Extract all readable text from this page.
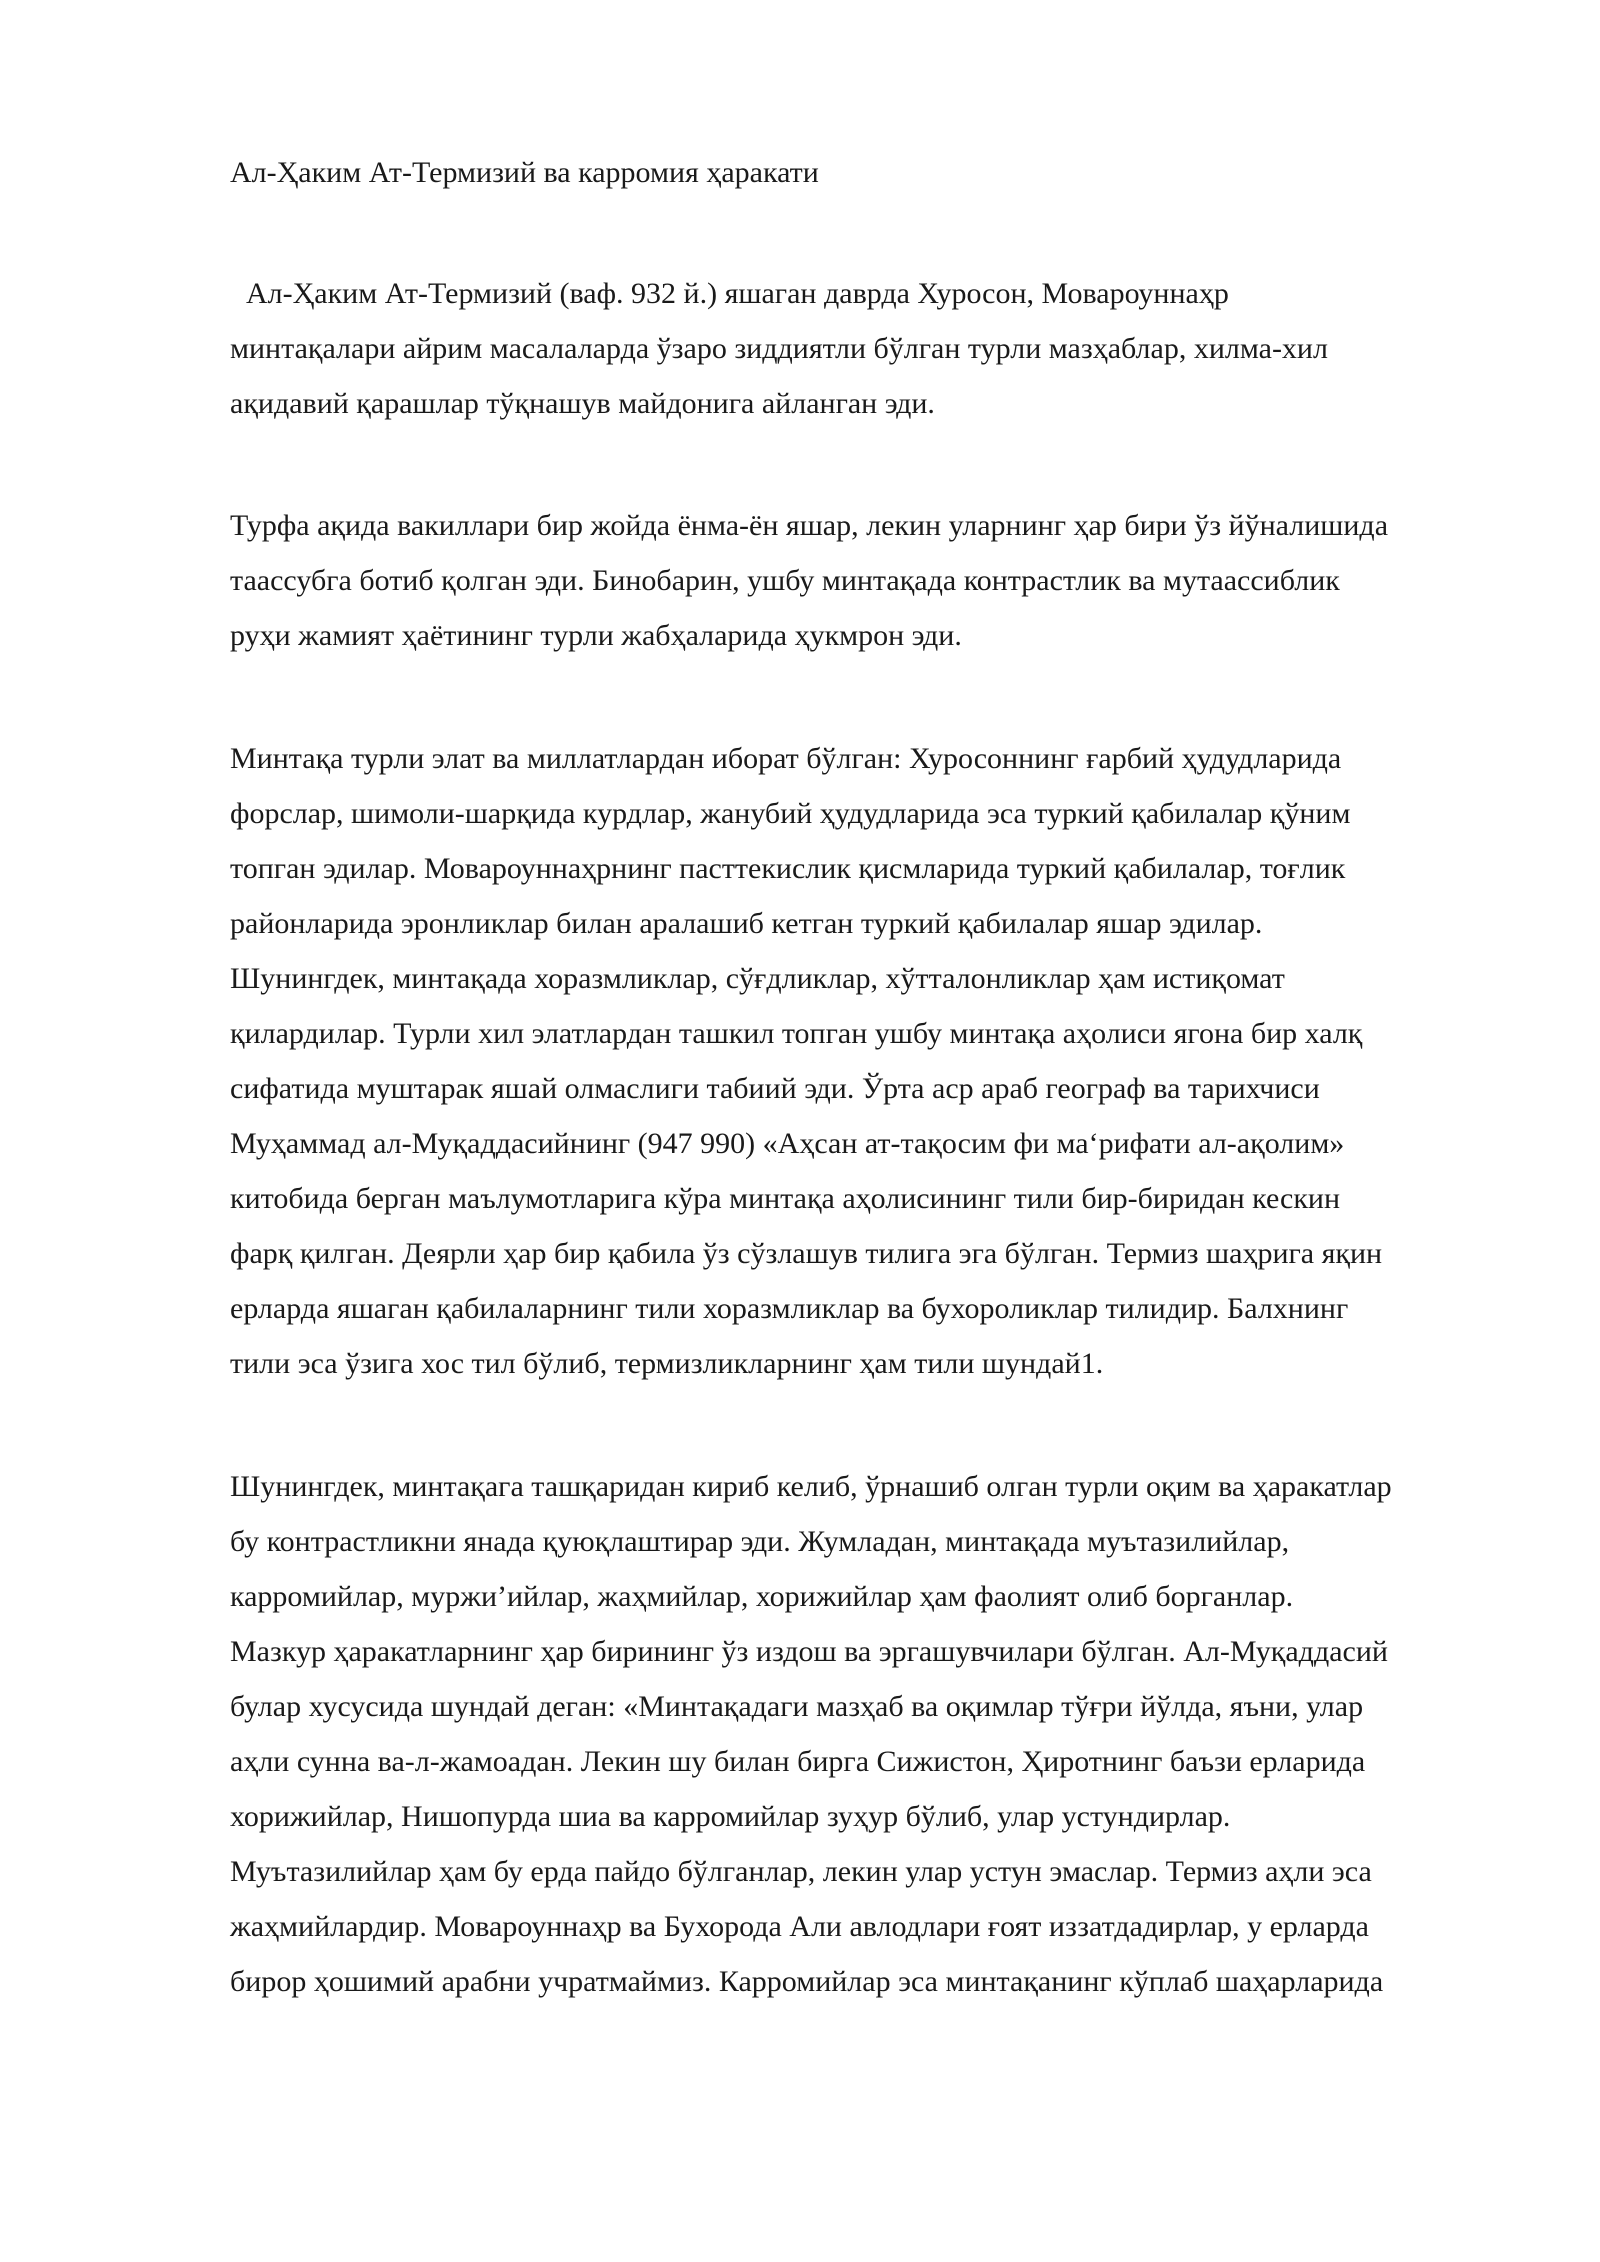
Ал-Ҳаким Ат-Термизий ва карромия ҳаракати

Ал-Ҳаким Ат-Термизий (ваф. 932 й.) яшаган даврда Хуросон, Мовароуннаҳр
минтақалари айрим масалаларда ўзаро зиддиятли бўлган турли мазҳаблар, хилма-хил
ақидавий қарашлар тўқнашув майдонига айланган эди.

Турфа ақида вакиллари бир жойда ёнма-ён яшар, лекин уларнинг ҳар бири ўз йўналишида
таассубга ботиб қолган эди. Бинобарин, ушбу минтақада контрастлик ва мутаассиблик
руҳи жамият ҳаётининг турли жабҳаларида ҳукмрон эди.

Минтақа турли элат ва миллатлардан иборат бўлган: Хуросоннинг ғарбий ҳудудларида
форслар, шимоли-шарқида курдлар, жанубий ҳудудларида эса туркий қабилалар қўним
топган эдилар. Мовароуннаҳрнинг пасттекислик қисмларида туркий қабилалар, тоғлик
районларида эронликлар билан аралашиб кетган туркий қабилалар яшар эдилар.
Шунингдек, минтақада хоразмликлар, сўғдликлар, хўтталонликлар ҳам истиқомат
қилардилар. Турли хил элатлардан ташкил топган ушбу минтақа аҳолиси ягона бир халқ
сифатида муштарак яшай олмаслиги табиий эди. Ўрта аср араб географ ва тарихчиси
Муҳаммад ал-Муқаддасийнинг (947 990) «Аҳсан ат-тақосим фи маʻрифати ал-ақолим»
китобида берган маълумотларига кўра минтақа аҳолисининг тили бир-биридан кескин
фарқ қилган. Деярли ҳар бир қабила ўз сўзлашув тилига эга бўлган. Термиз шаҳрига яқин
ерларда яшаган қабилаларнинг тили хоразмликлар ва бухороликлар тилидир. Балхнинг
тили эса ўзига хос тил бўлиб, термизликларнинг ҳам тили шундай1.

Шунингдек, минтақага ташқаридан кириб келиб, ўрнашиб олган турли оқим ва ҳаракатлар
бу контрастликни янада қуюқлаштирар эди. Жумладан, минтақада муътазилийлар,
карромийлар, муржи’ийлар, жаҳмийлар, хорижийлар ҳам фаолият олиб борганлар.
Мазкур ҳаракатларнинг ҳар бирининг ўз издош ва эргашувчилари бўлган. Ал-Муқаддасий
булар хусусида шундай деган: «Минтақадаги мазҳаб ва оқимлар тўғри йўлда, яъни, улар
аҳли сунна ва-л-жамоадан. Лекин шу билан бирга Сижистон, Ҳиротнинг баъзи ерларида
хорижийлар, Нишопурда шиа ва карромийлар зуҳур бўлиб, улар устундирлар.
Муътазилийлар ҳам бу ерда пайдо бўлганлар, лекин улар устун эмаслар. Термиз аҳли эса
жаҳмийлардир. Мовароуннаҳр ва Бухорода Али авлодлари ғоят иззатдадирлар, у ерларда
бирор ҳошимий арабни учратмаймиз. Карромийлар эса минтақанинг кўплаб шаҳарларида
